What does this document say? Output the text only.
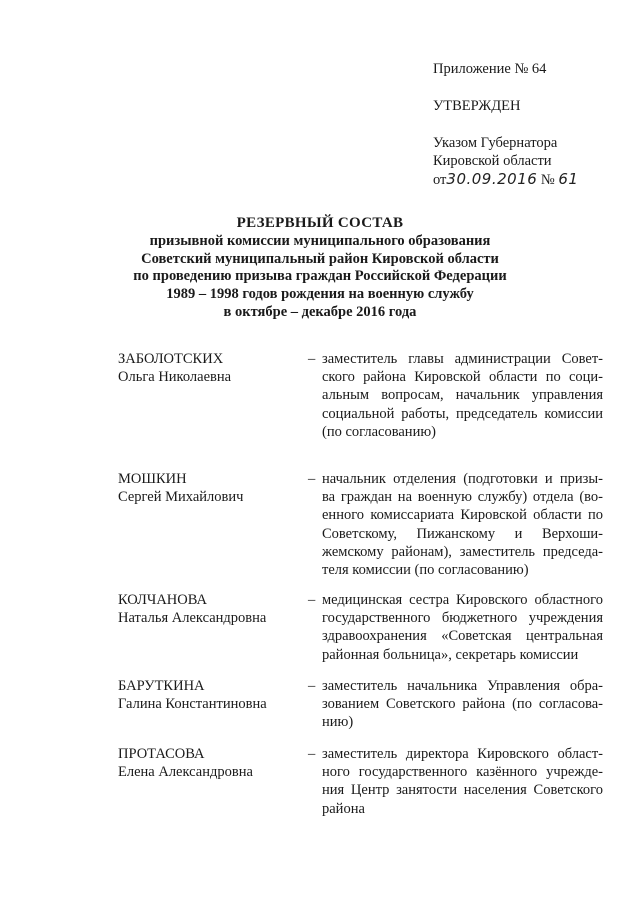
Приложение № 64
УТВЕРЖДЕН
Указом Губернатора
Кировской области
от30.09.2016 № 61
РЕЗЕРВНЫЙ СОСТАВ
призывной комиссии муниципального образования
Советский муниципальный район Кировской области
по проведению призыва граждан Российской Федерации
1989 – 1998 годов рождения на военную службу
в октябре – декабре 2016 года
ЗАБОЛОТСКИХ
Ольга Николаевна
– заместитель главы администрации Совет-
ского района Кировской области по соци-
альным вопросам, начальник управления
социальной работы, председатель комиссии
(по согласованию)
МОШКИН
Сергей Михайлович
– начальник отделения (подготовки и призы-
ва граждан на военную службу) отдела (во-
енного комиссариата Кировской области по
Советскому, Пижанскому и Верхоши-
жемскому районам), заместитель председа-
теля комиссии (по согласованию)
КОЛЧАНОВА
Наталья Александровна
– медицинская сестра Кировского областного
государственного бюджетного учреждения
здравоохранения «Советская центральная
районная больница», секретарь комиссии
БАРУТКИНА
Галина Константиновна
– заместитель начальника Управления обра-
зованием Советского района (по согласова-
нию)
ПРОТАСОВА
Елена Александровна
– заместитель директора Кировского област-
ного государственного казённого учрежде-
ния Центр занятости населения Советского
района
